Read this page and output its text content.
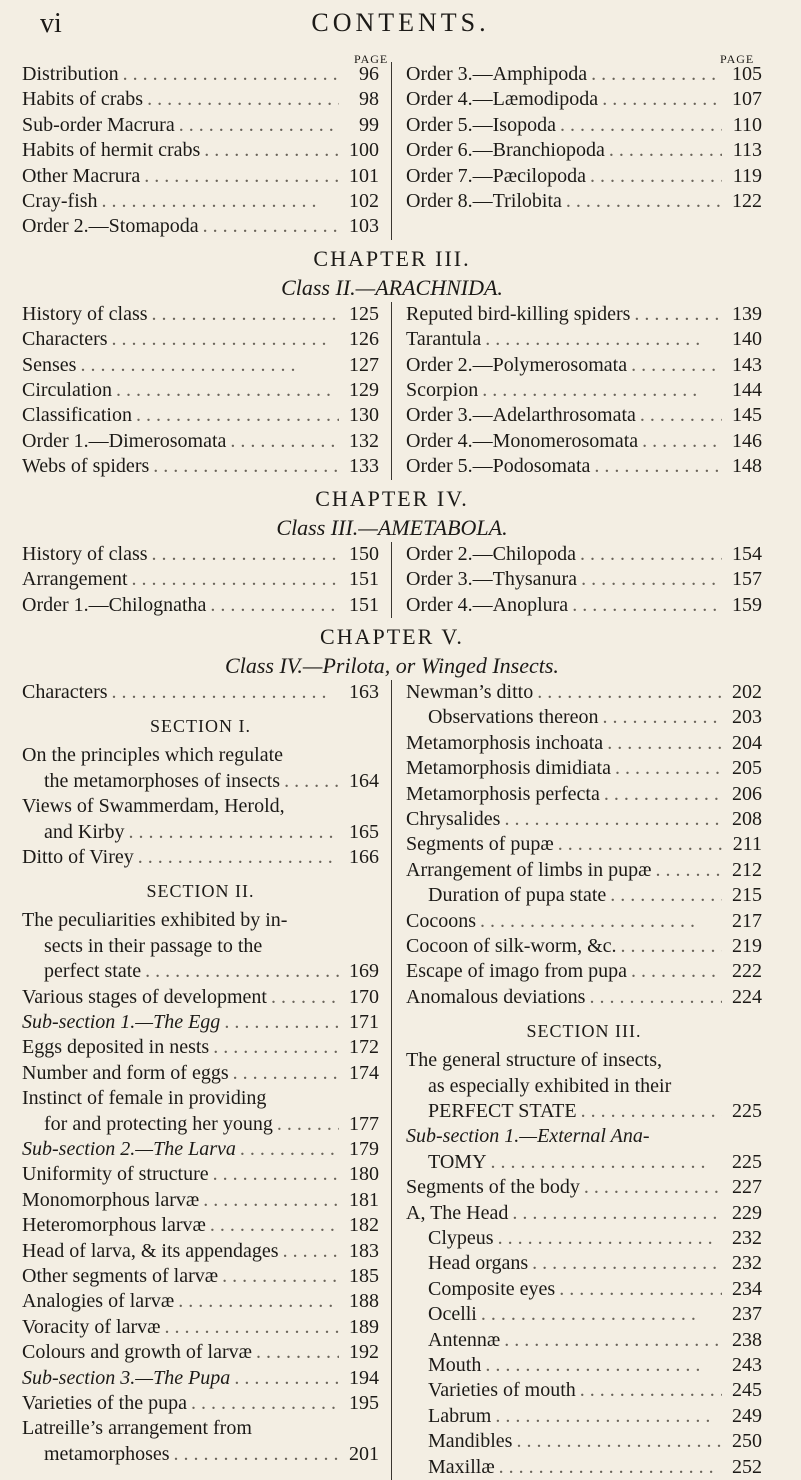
vi	CONTENTS.
PAGE	PAGE
Distribution . .	96
Habits of crabs . .	98
Sub-order Macrura . .	99
Habits of hermit crabs . .	100
Other Macrura . .	101
Cray-fish . .	102
Order 2.—Stomapoda . .	103
Order 3.—Amphipoda . .	105
Order 4.—Læmodipoda . .	107
Order 5.—Isopoda . .	110
Order 6.—Branchiopoda . .	113
Order 7.—Pæcilopoda . .	119
Order 8.—Trilobita . .	122
CHAPTER III.
Class II.—ARACHNIDA.
History of class . .	125
Characters . .	126
Senses . .	127
Circulation . .	129
Classification . .	130
Order 1.—Dimerosomata . .	132
Webs of spiders . .	133
Reputed bird-killing spiders . .	139
Tarantula . .	140
Order 2.—Polymerosomata . .	143
Scorpion . .	144
Order 3.—Adelarthrosomata . .	145
Order 4.—Monomerosomata . .	146
Order 5.—Podosomata . .	148
CHAPTER IV.
Class III.—AMETABOLA.
History of class . .	150
Arrangement . .	151
Order 1.—Chilognatha . .	151
Order 2.—Chilopoda . .	154
Order 3.—Thysanura . .	157
Order 4.—Anoplura . .	159
CHAPTER V.
Class IV.—Prilota, or Winged Insects.
Characters . .	163
SECTION I.
On the principles which regulate
the metamorphoses of insects . .	164
Views of Swammerdam, Herold,
and Kirby . .	165
Ditto of Virey . .	166
SECTION II.
The peculiarities exhibited by in-
sects in their passage to the
perfect state . .	169
Various stages of development . .	170
Sub-section 1.—The Egg . .	171
Eggs deposited in nests . .	172
Number and form of eggs . .	174
Instinct of female in providing
for and protecting her young . .	177
Sub-section 2.—The Larva . .	179
Uniformity of structure . .	180
Monomorphous larvæ . .	181
Heteromorphous larvæ . .	182
Head of larva, & its appendages . .	183
Other segments of larvæ . .	185
Analogies of larvæ . .	188
Voracity of larvæ . .	189
Colours and growth of larvæ . .	192
Sub-section 3.—The Pupa . .	194
Varieties of the pupa . .	195
Latreille’s arrangement from
metamorphoses . .	201
Newman’s ditto . .	202
Observations thereon . .	203
Metamorphosis inchoata . .	204
Metamorphosis dimidiata . .	205
Metamorphosis perfecta . .	206
Chrysalides . .	208
Segments of pupæ . .	211
Arrangement of limbs in pupæ . .	212
Duration of pupa state . .	215
Cocoons . .	217
Cocoon of silk-worm, &c. . .	219
Escape of imago from pupa . .	222
Anomalous deviations . .	224
SECTION III.
The general structure of insects,
as especially exhibited in their
PERFECT STATE . .	225
Sub-section 1.—External Ana-
TOMY . .	225
Segments of the body . .	227
A, The Head . .	229
Clypeus . .	232
Head organs . .	232
Composite eyes . .	234
Ocelli . .	237
Antennæ . .	238
Mouth . .	243
Varieties of mouth . .	245
Labrum . .	249
Mandibles . .	250
Maxillæ . .	252
